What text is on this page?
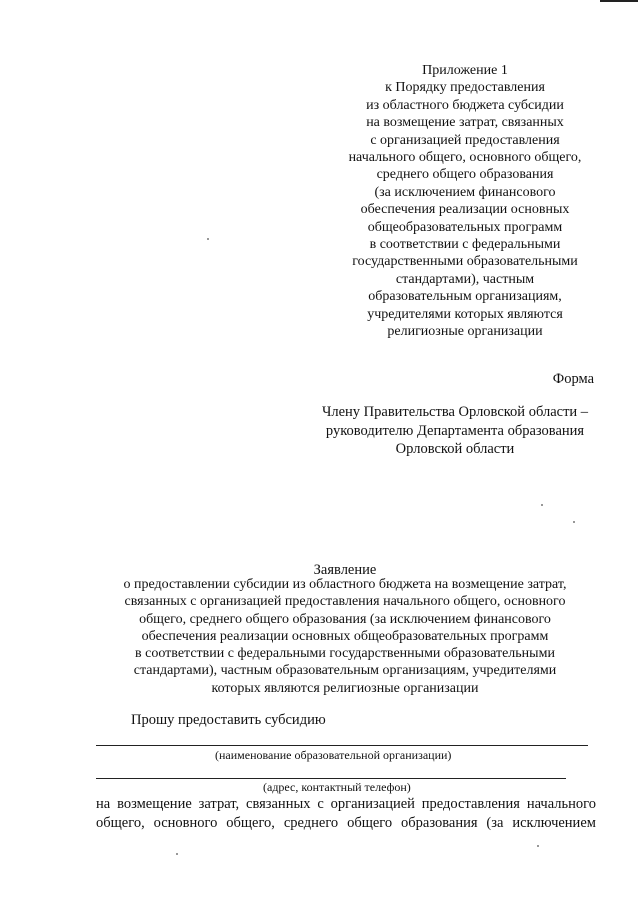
Приложение 1
к Порядку предоставления
из областного бюджета субсидии
на возмещение затрат, связанных
с организацией предоставления
начального общего, основного общего,
среднего общего образования
(за исключением финансового
обеспечения реализации основных
общеобразовательных программ
в соответствии с федеральными
государственными образовательными
стандартами), частным
образовательным организациям,
учредителями которых являются
религиозные организации
Форма
Члену Правительства Орловской области –
руководителю Департамента образования
Орловской области
Заявление
о предоставлении субсидии из областного бюджета на возмещение затрат,
связанных с организацией предоставления начального общего, основного
общего, среднего общего образования (за исключением финансового
обеспечения реализации основных общеобразовательных программ
в соответствии с федеральными государственными образовательными
стандартами), частным образовательным организациям, учредителями
которых являются религиозные организации
Прошу предоставить субсидию
(наименование образовательной организации)
(адрес, контактный телефон)
на возмещение затрат, связанных с организацией предоставления начального
общего, основного общего, среднего общего образования (за исключением
